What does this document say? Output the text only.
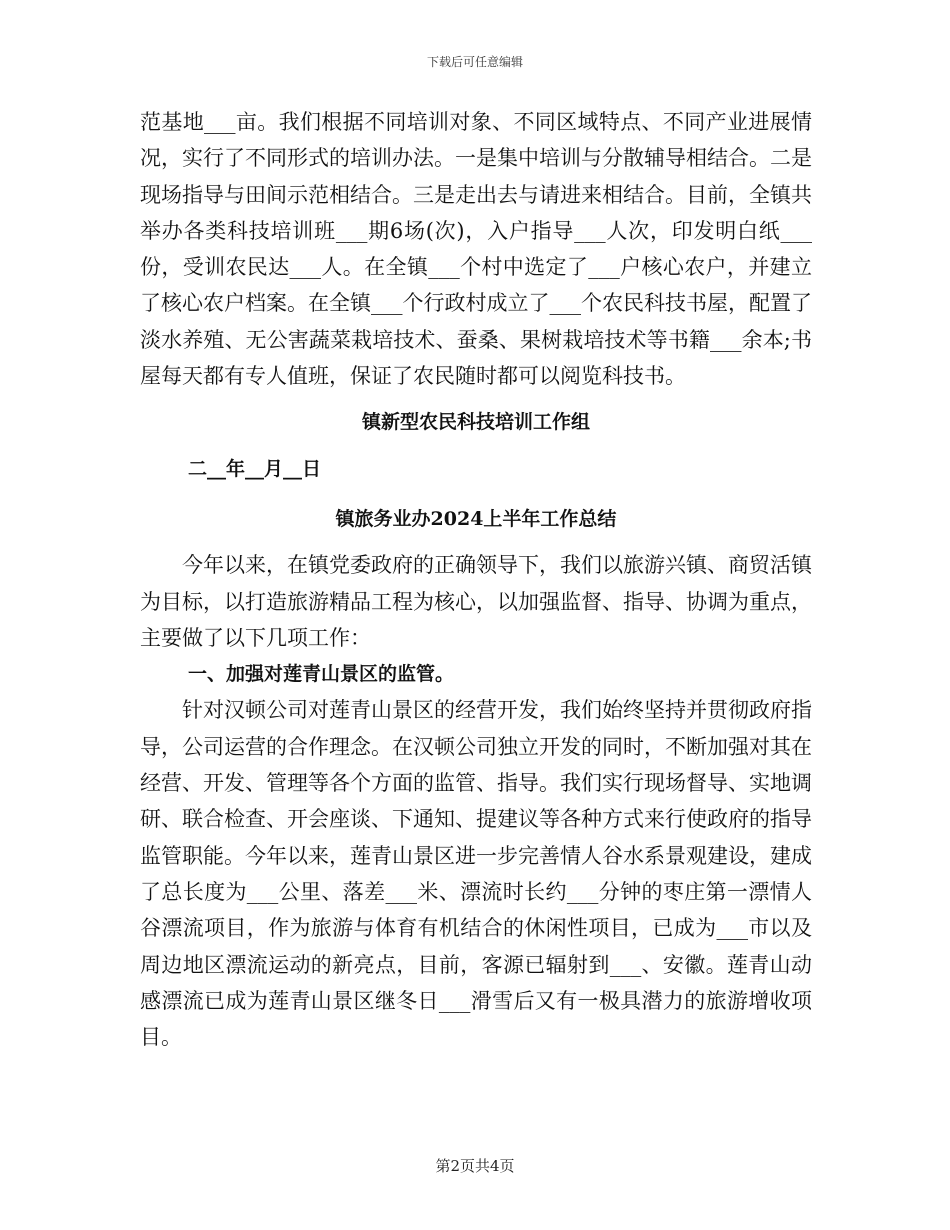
下载后可任意编辑

范基地___亩。我们根据不同培训对象、不同区域特点、不同产业进展情况，实行了不同形式的培训办法。一是集中培训与分散辅导相结合。二是现场指导与田间示范相结合。三是走出去与请进来相结合。目前，全镇共举办各类科技培训班___期6场(次)，入户指导___人次，印发明白纸___份，受训农民达___人。在全镇___个村中选定了___户核心农户，并建立了核心农户档案。在全镇___个行政村成立了___个农民科技书屋，配置了淡水养殖、无公害蔬菜栽培技术、蚕桑、果树栽培技术等书籍___余本;书屋每天都有专人值班，保证了农民随时都可以阅览科技书。

镇新型农民科技培训工作组

二__年__月__日

镇旅务业办2024上半年工作总结

今年以来，在镇党委政府的正确领导下，我们以旅游兴镇、商贸活镇为目标，以打造旅游精品工程为核心，以加强监督、指导、协调为重点，主要做了以下几项工作：

一、加强对莲青山景区的监管。

针对汉顿公司对莲青山景区的经营开发，我们始终坚持并贯彻政府指导，公司运营的合作理念。在汉顿公司独立开发的同时，不断加强对其在经营、开发、管理等各个方面的监管、指导。我们实行现场督导、实地调研、联合检查、开会座谈、下通知、提建议等各种方式来行使政府的指导监管职能。今年以来，莲青山景区进一步完善情人谷水系景观建设，建成了总长度为___公里、落差___米、漂流时长约___分钟的枣庄第一漂情人谷漂流项目，作为旅游与体育有机结合的休闲性项目，已成为___市以及周边地区漂流运动的新亮点，目前，客源已辐射到___、安徽。莲青山动感漂流已成为莲青山景区继冬日___滑雪后又有一极具潜力的旅游增收项目。

第2页共4页
